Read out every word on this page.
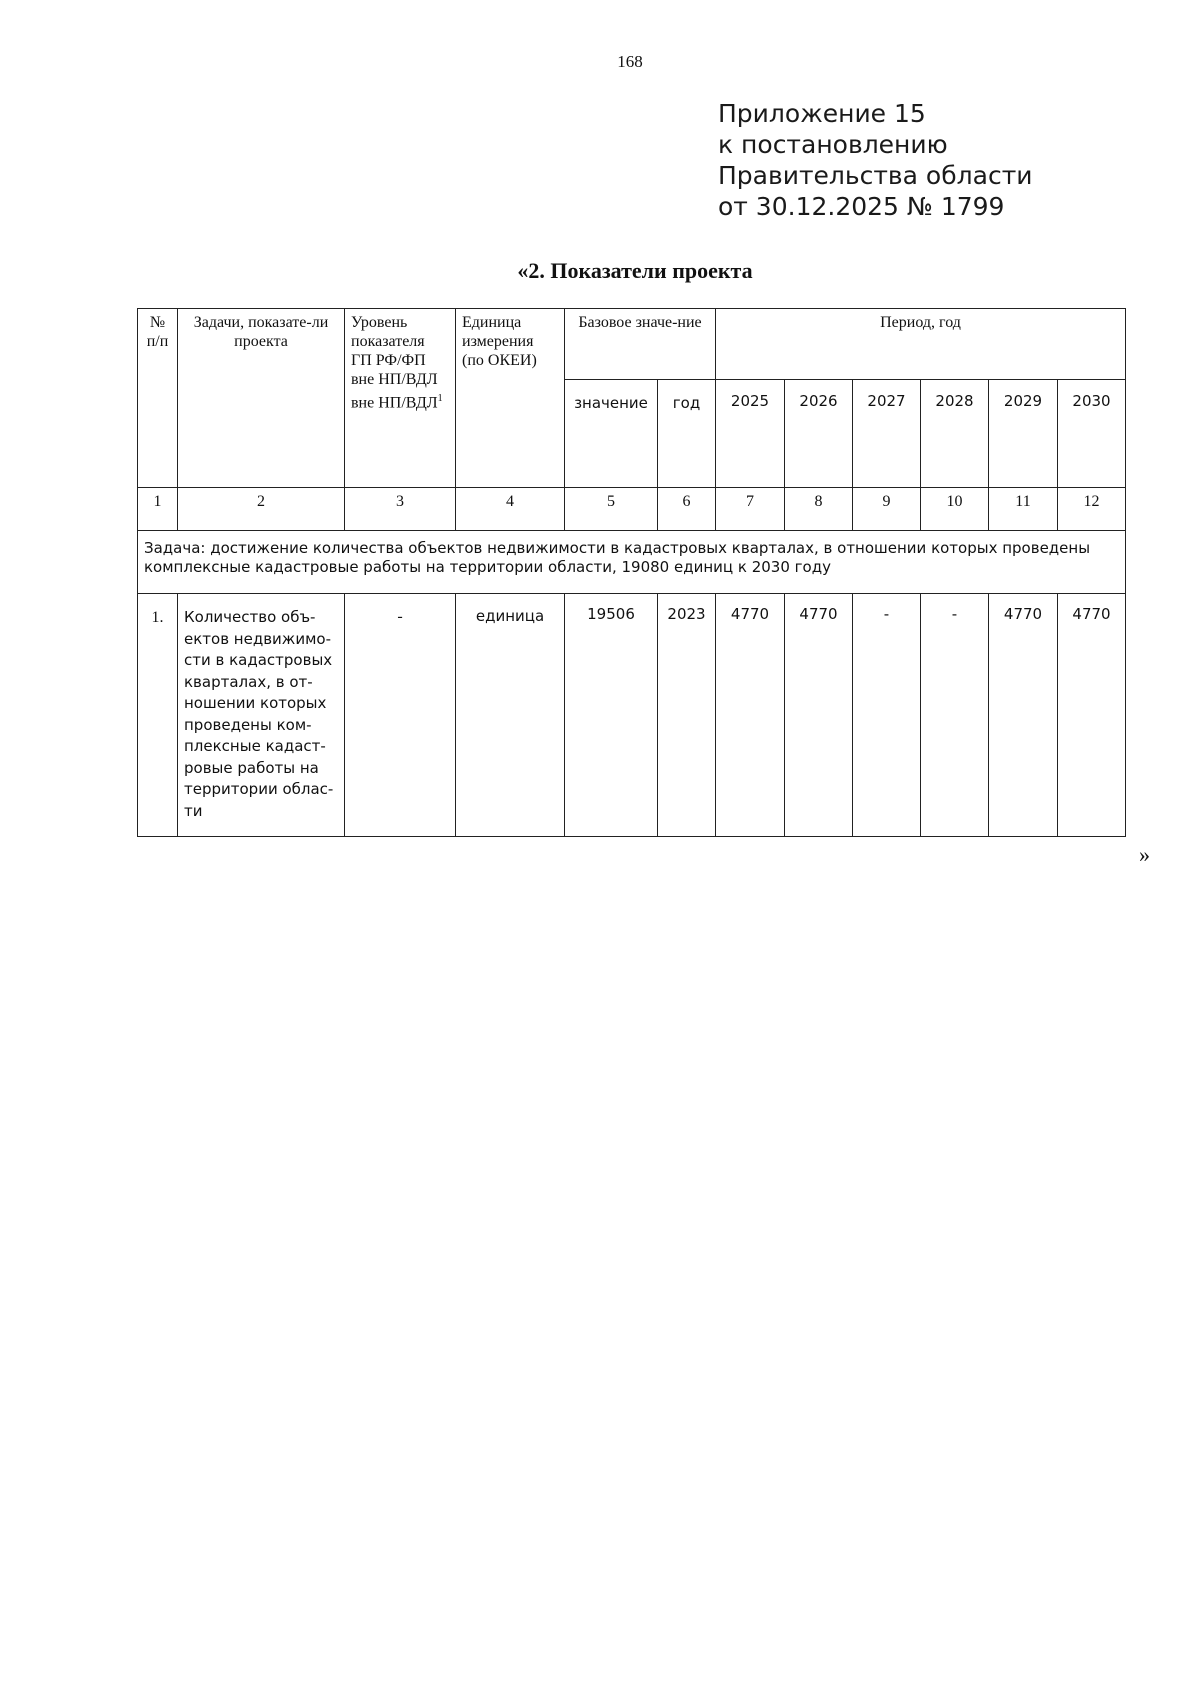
168
Приложение 15
к постановлению
Правительства области
от 30.12.2025 № 1799
«2. Показатели проекта
№ п/п	Задачи, показате-ли проекта	Уровень показателя ГП РФ/ФП вне НП/ВДЛ вне НП/ВДЛ$^1$	Единица измерения (по ОКЕИ)	Базовое значе-ние		Период, год					
				значение	год	2025	2026	2027	2028	2029	2030
1	2	3	4	5	6	7	8	9	10	11	12
Задача: достижение количества объектов недвижимости в кадастровых кварталах, в отношении которых проведены комплексные кадастровые работы на территории области, 19080 единиц к 2030 году											
1.	Количество объ-ектов недвижимо-сти в кадастровых кварталах, в от-ношении которых проведены ком-плексные кадаст-ровые работы на территории облас-ти	-	единица	19506	2023	4770	4770	-	-	4770	4770
»
